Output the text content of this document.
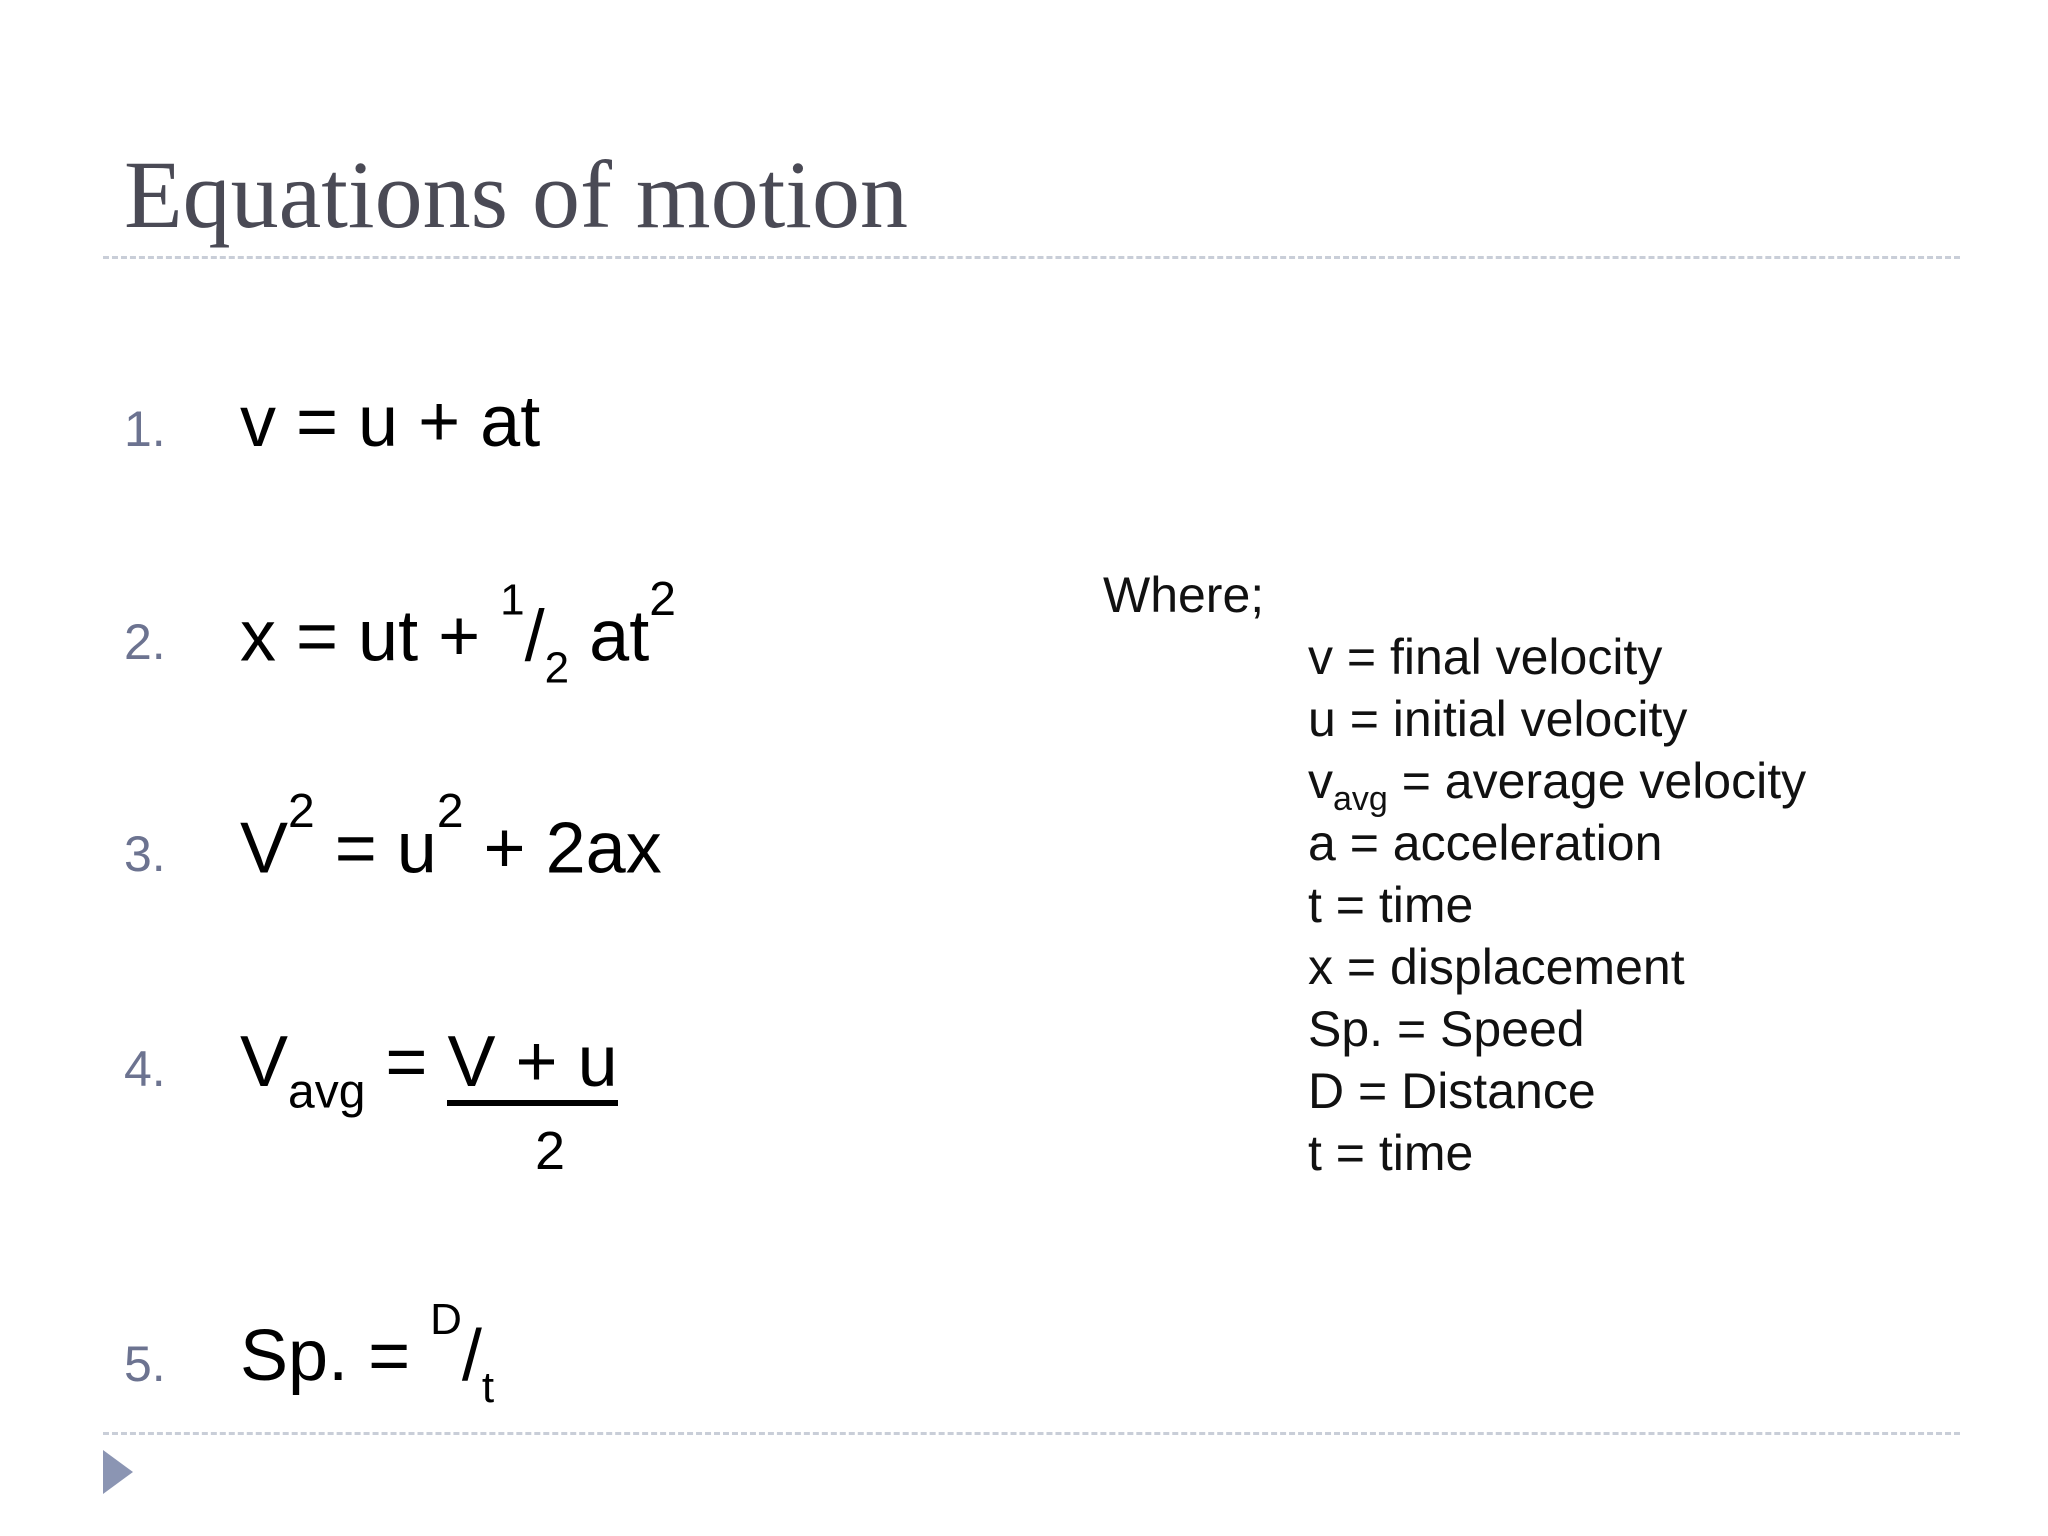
Equations of motion
1. v = u + at
2. x = ut + $^1/_2$ $at^2$
3. $V^2 = u^2 + 2ax$
4. $V_{avg} = V + u$
2
5. Sp. = $^D/_t$
Where;
v = final velocity
u = initial velocity
$v_{avg}$ = average velocity
a = acceleration
t = time
x = displacement
Sp. = Speed
D = Distance
t = time
